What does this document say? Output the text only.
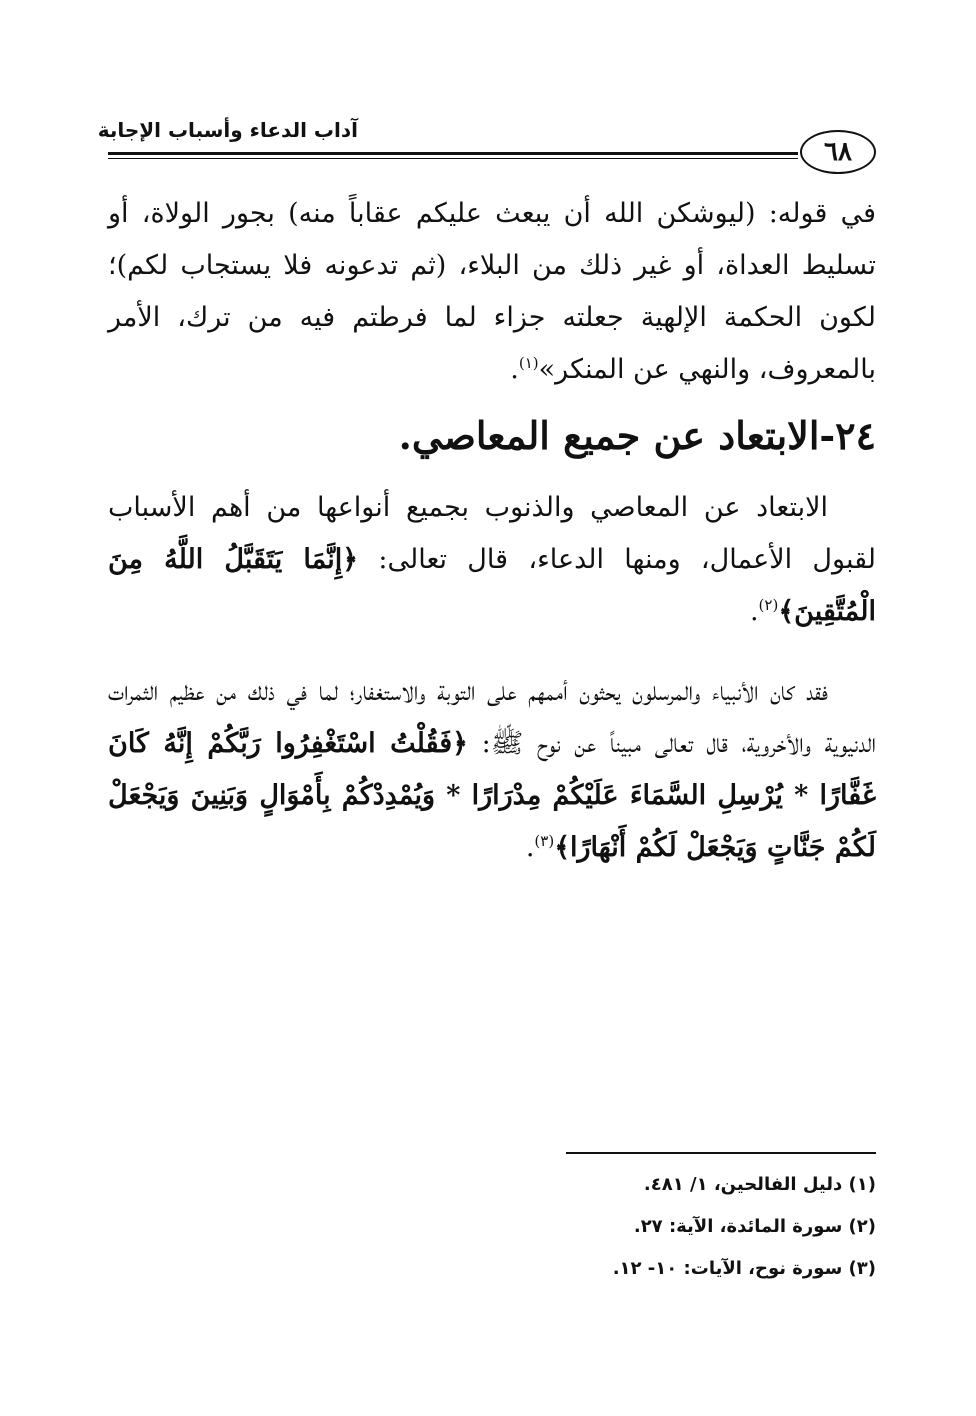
آداب الدعاء وأسباب الإجابة
٦٨

في قوله: (ليوشكن الله أن يبعث عليكم عقاباً منه) بجور الولاة، أو تسليط العداة، أو غير ذلك من البلاء، (ثم تدعونه فلا يستجاب لكم)؛ لكون الحكمة الإلهية جعلته جزاء لما فرطتم فيه من ترك، الأمر بالمعروف، والنهي عن المنكر»$^{(١)}$.

٢٤-الابتعاد عن جميع المعاصي.

الابتعاد عن المعاصي والذنوب بجميع أنواعها من أهم الأسباب لقبول الأعمال، ومنها الدعاء، قال تعالى: ﴿إِنَّمَا يَتَقَبَّلُ اللَّهُ مِنَ الْمُتَّقِينَ﴾$^{(٢)}$.

فقد كان الأنبياء والمرسلون يحثون أممهم على التوبة والاستغفار؛ لما في ذلك من عظيم الثمرات الدنيوية والأخروية، قال تعالى مبيناً عن نوح ﷺ: ﴿فَقُلْتُ اسْتَغْفِرُوا رَبَّكُمْ إِنَّهُ كَانَ غَفَّارًا * يُرْسِلِ السَّمَاءَ عَلَيْكُمْ مِدْرَارًا * وَيُمْدِدْكُمْ بِأَمْوَالٍ وَبَنِينَ وَيَجْعَلْ لَكُمْ جَنَّاتٍ وَيَجْعَلْ لَكُمْ أَنْهَارًا﴾$^{(٣)}$.

(١) دليل الفالحين، ١/ ٤٨١.
(٢) سورة المائدة، الآية: ٢٧.
(٣) سورة نوح، الآيات: ١٠- ١٢.
